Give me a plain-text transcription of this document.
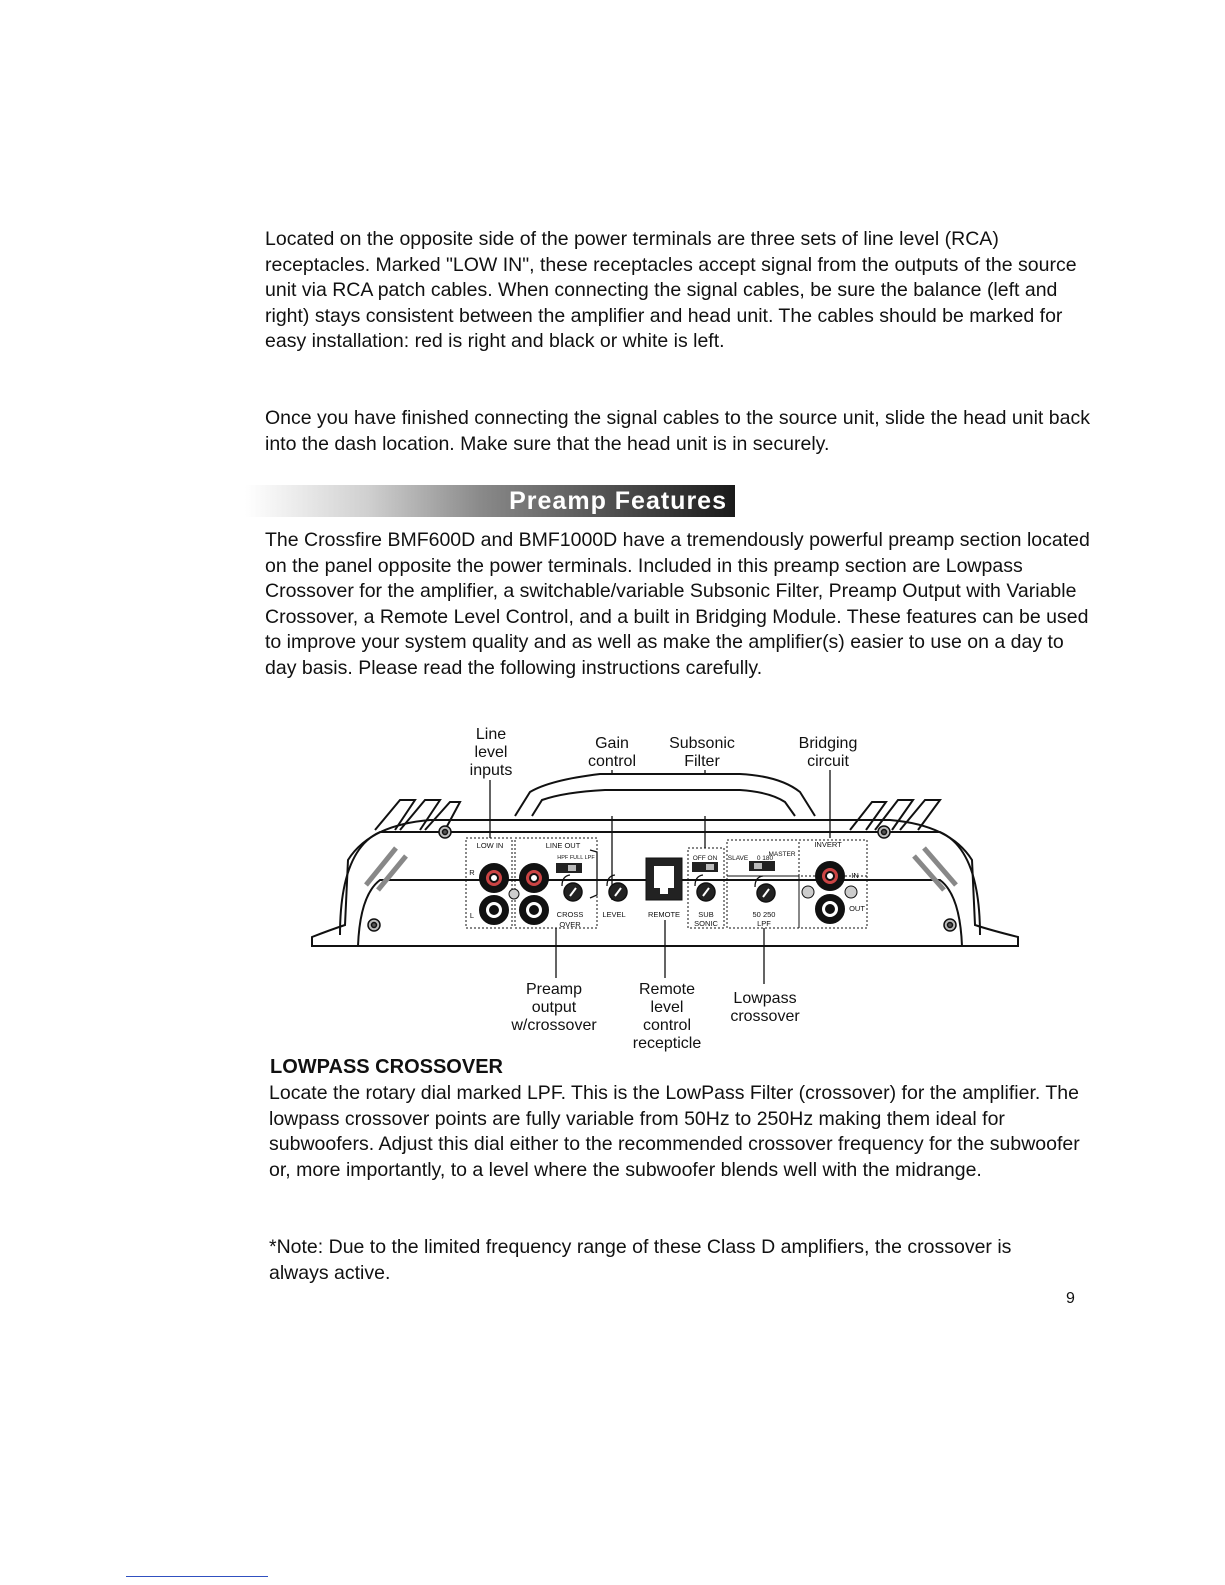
Located on the opposite side of the power terminals are three sets of line level (RCA) receptacles. Marked "LOW IN", these receptacles accept signal from the outputs of the source unit via RCA patch cables. When connecting the signal cables, be sure the balance (left and right) stays consistent between the amplifier and head unit. The cables should be marked for easy installation: red is right and black or white is left.

Once you have finished connecting the signal cables to the source unit, slide the head unit back into the dash location. Make sure that the head unit is in securely.

Preamp Features

The Crossfire BMF600D and BMF1000D have a tremendously powerful preamp section located on the panel opposite the power terminals. Included in this preamp section are Lowpass Crossover for the amplifier, a switchable/variable Subsonic Filter, Preamp Output with Variable Crossover, a Remote Level Control, and a built in Bridging Module. These features can be used to improve your system quality and as well as make the amplifier(s) easier to use on a day to day basis. Please read the following instructions carefully.

Line
level
inputs
Gain
control
Subsonic
Filter
Bridging
circuit
LOW IN
R
L
LINE OUT
HPF FULL LPF
CROSS
OVER
LEVEL	REMOTE
OFF ON
SUB
SONIC
MASTER
SLAVE 0 180
INVERT
50 250
LPF
IN
OUT
Preamp
output
w/crossover
Remote
level
control
recepticle
Lowpass
crossover
LOWPASS CROSSOVER

Locate the rotary dial marked LPF. This is the LowPass Filter (crossover) for the amplifier. The lowpass crossover points are fully variable from 50Hz to 250Hz making them ideal for subwoofers. Adjust this dial either to the recommended crossover frequency for the subwoofer or, more importantly, to a level where the subwoofer blends well with the midrange.

*Note: Due to the limited frequency range of these Class D amplifiers, the crossover is always active.

9
